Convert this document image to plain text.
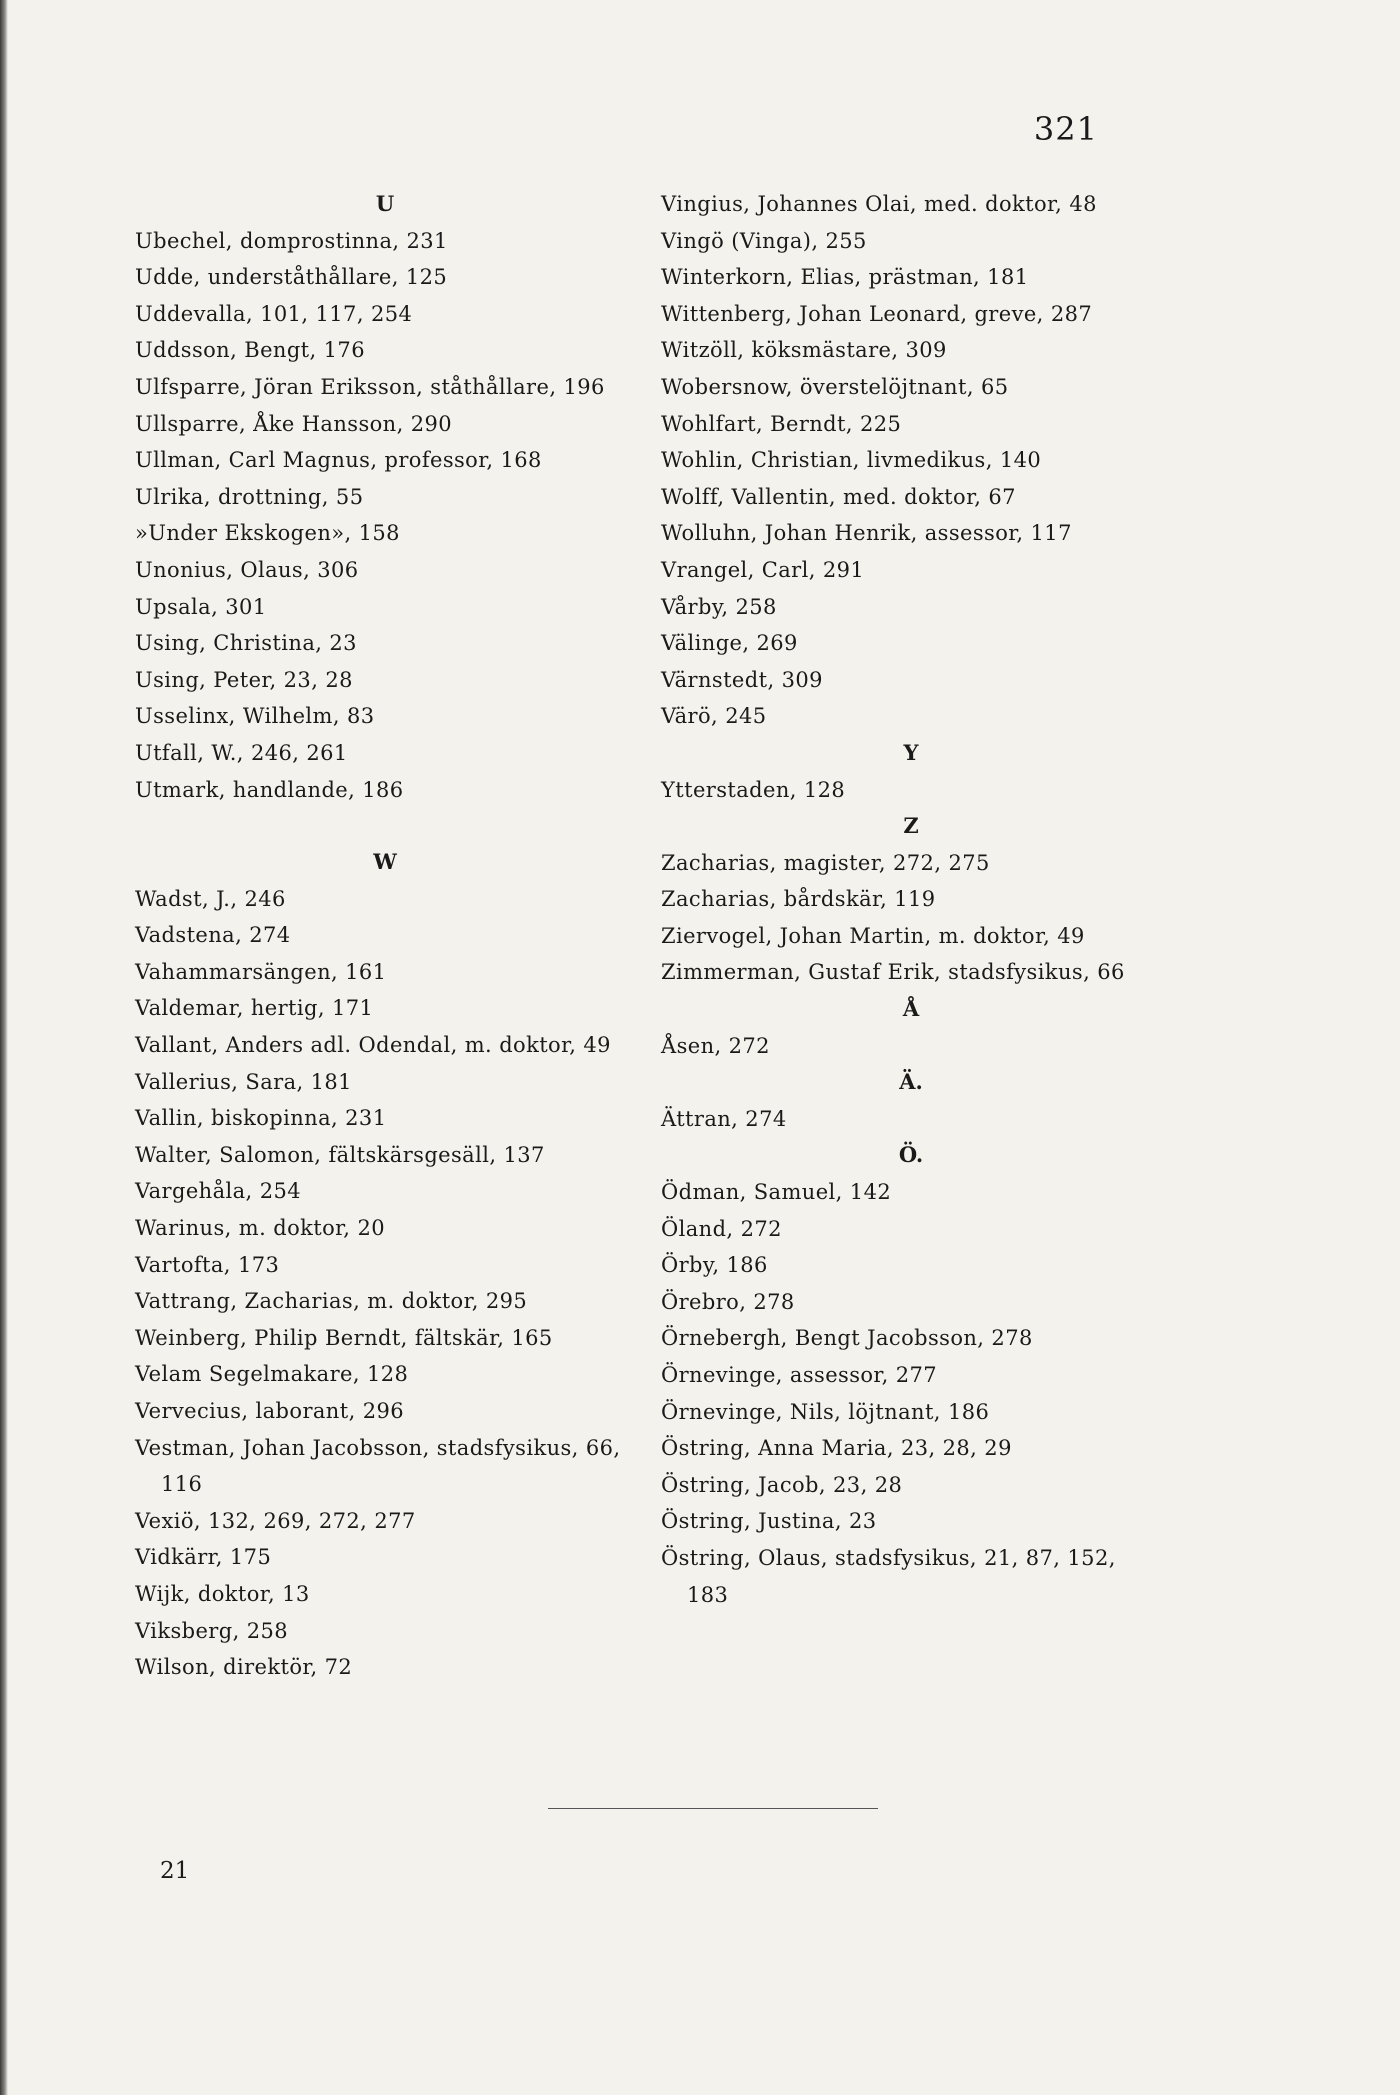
321
U
Ubechel, domprostinna, 231
Udde, underståthållare, 125
Uddevalla, 101, 117, 254
Uddsson, Bengt, 176
Ulfsparre, Jöran Eriksson, ståthållare, 196
Ullsparre, Åke Hansson, 290
Ullman, Carl Magnus, professor, 168
Ulrika, drottning, 55
»Under Ekskogen», 158
Unonius, Olaus, 306
Upsala, 301
Using, Christina, 23
Using, Peter, 23, 28
Usselinx, Wilhelm, 83
Utfall, W., 246, 261
Utmark, handlande, 186
W
Wadst, J., 246
Vadstena, 274
Vahammarsängen, 161
Valdemar, hertig, 171
Vallant, Anders adl. Odendal, m. doktor, 49
Vallerius, Sara, 181
Vallin, biskopinna, 231
Walter, Salomon, fältskärsgesäll, 137
Vargehåla, 254
Warinus, m. doktor, 20
Vartofta, 173
Vattrang, Zacharias, m. doktor, 295
Weinberg, Philip Berndt, fältskär, 165
Velam Segelmakare, 128
Vervecius, laborant, 296
Vestman, Johan Jacobsson, stadsfysikus, 66, 116
Vexiö, 132, 269, 272, 277
Vidkärr, 175
Wijk, doktor, 13
Viksberg, 258
Wilson, direktör, 72
Vingius, Johannes Olai, med. doktor, 48
Vingö (Vinga), 255
Winterkorn, Elias, prästman, 181
Wittenberg, Johan Leonard, greve, 287
Witzöll, köksmästare, 309
Wobersnow, överstelöjtnant, 65
Wohlfart, Berndt, 225
Wohlin, Christian, livmedikus, 140
Wolff, Vallentin, med. doktor, 67
Wolluhn, Johan Henrik, assessor, 117
Vrangel, Carl, 291
Vårby, 258
Välinge, 269
Värnstedt, 309
Värö, 245
Y
Ytterstaden, 128
Z
Zacharias, magister, 272, 275
Zacharias, bårdskär, 119
Ziervogel, Johan Martin, m. doktor, 49
Zimmerman, Gustaf Erik, stadsfysikus, 66
Å
Åsen, 272
Ä.
Ättran, 274
Ö.
Ödman, Samuel, 142
Öland, 272
Örby, 186
Örebro, 278
Örnebergh, Bengt Jacobsson, 278
Örnevinge, assessor, 277
Örnevinge, Nils, löjtnant, 186
Östring, Anna Maria, 23, 28, 29
Östring, Jacob, 23, 28
Östring, Justina, 23
Östring, Olaus, stadsfysikus, 21, 87, 152, 183
21
